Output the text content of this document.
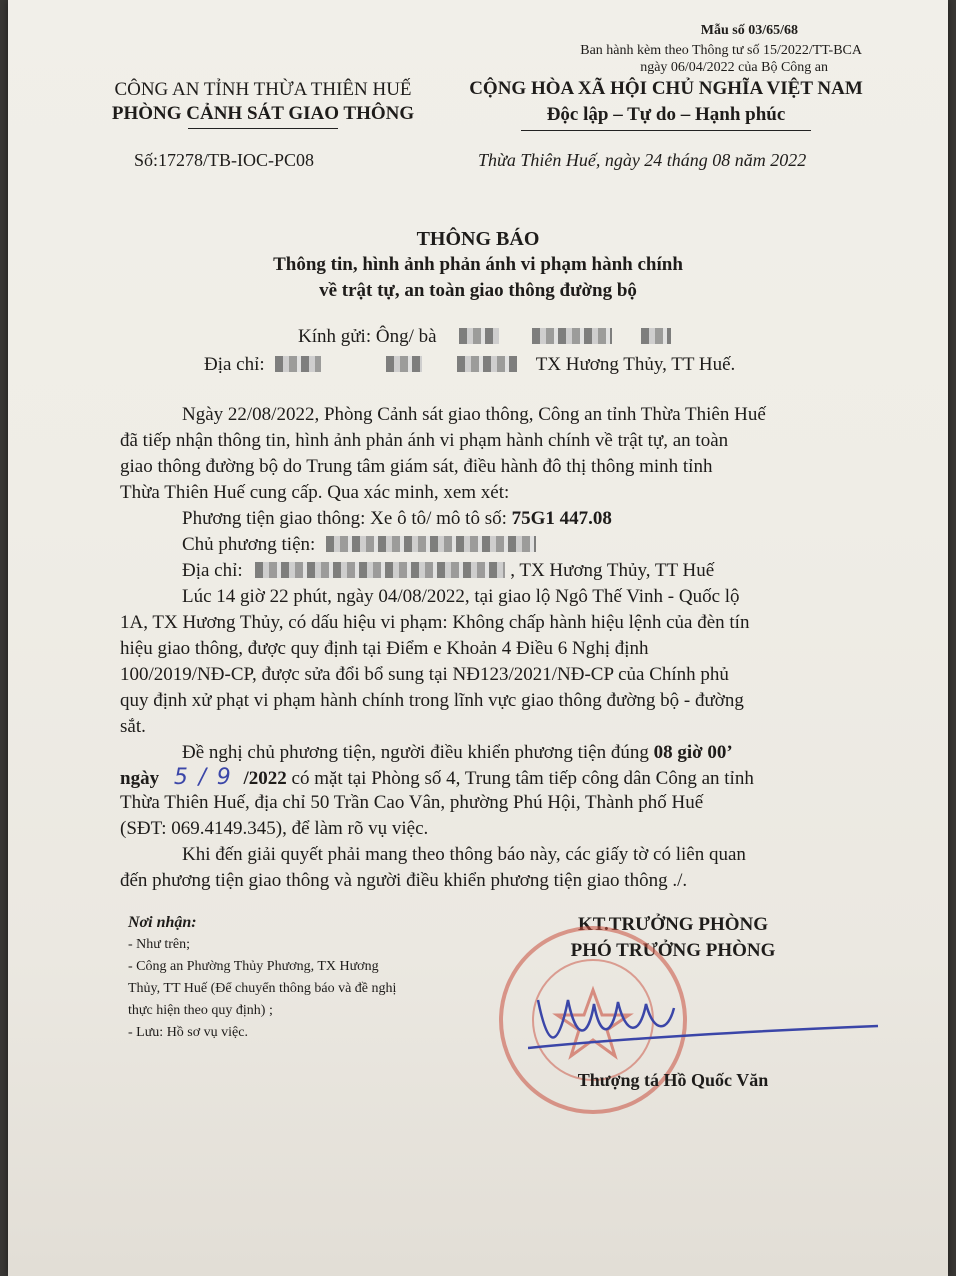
Mẫu số 03/65/68
Ban hành kèm theo Thông tư số 15/2022/TT-BCA
ngày 06/04/2022 của Bộ Công an
CÔNG AN TỈNH THỪA THIÊN HUẾ
PHÒNG CẢNH SÁT GIAO THÔNG
CỘNG HÒA XÃ HỘI CHỦ NGHĨA VIỆT NAM
Độc lập – Tự do – Hạnh phúc
Số:17278/TB-IOC-PC08	Thừa Thiên Huế, ngày 24 tháng 08 năm 2022
THÔNG BÁO
Thông tin, hình ảnh phản ánh vi phạm hành chính
về trật tự, an toàn giao thông đường bộ
Kính gửi: Ông/ bà
Địa chỉ:	TX Hương Thủy, TT Huế.
Ngày 22/08/2022, Phòng Cảnh sát giao thông, Công an tỉnh Thừa Thiên Huế
đã tiếp nhận thông tin, hình ảnh phản ánh vi phạm hành chính về trật tự, an toàn
giao thông đường bộ do Trung tâm giám sát, điều hành đô thị thông minh tỉnh
Thừa Thiên Huế cung cấp. Qua xác minh, xem xét:
Phương tiện giao thông: Xe ô tô/ mô tô số: 75G1 447.08
Chủ phương tiện:
Địa chỉ:	, TX Hương Thủy, TT Huế
Lúc 14 giờ 22 phút, ngày 04/08/2022, tại giao lộ Ngô Thế Vinh - Quốc lộ
1A, TX Hương Thủy, có dấu hiệu vi phạm: Không chấp hành hiệu lệnh của đèn tín
hiệu giao thông, được quy định tại Điểm e Khoản 4 Điều 6 Nghị định
100/2019/NĐ-CP, được sửa đổi bổ sung tại NĐ123/2021/NĐ-CP của Chính phủ
quy định xử phạt vi phạm hành chính trong lĩnh vực giao thông đường bộ - đường
sắt.
Đề nghị chủ phương tiện, người điều khiển phương tiện đúng 08 giờ 00’
ngày 5 / 9 /2022 có mặt tại Phòng số 4, Trung tâm tiếp công dân Công an tỉnh
Thừa Thiên Huế, địa chỉ 50 Trần Cao Vân, phường Phú Hội, Thành phố Huế
(SĐT: 069.4149.345), để làm rõ vụ việc.
Khi đến giải quyết phải mang theo thông báo này, các giấy tờ có liên quan
đến phương tiện giao thông và người điều khiển phương tiện giao thông ./.
Nơi nhận:
- Như trên;
- Công an Phường Thủy Phương, TX Hương
Thủy, TT Huế (Để chuyển thông báo và đề nghị
thực hiện theo quy định) ;
- Lưu: Hồ sơ vụ việc.
KT.TRƯỞNG PHÒNG
PHÓ TRƯỞNG PHÒNG
Thượng tá Hồ Quốc Văn
